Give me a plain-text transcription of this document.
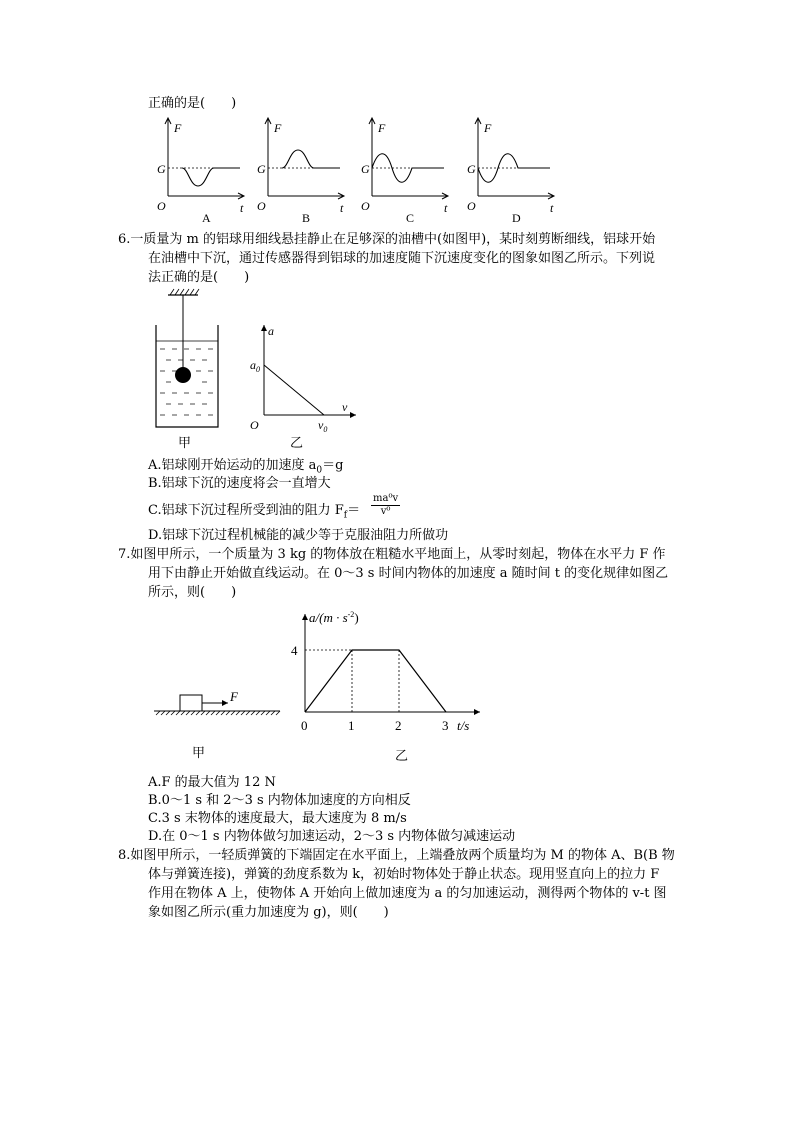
正确的是(　　)
F
G
O	t
A
F
G
O	t
B
F
G
O	t
C
F
G
O	t
D
6.一质量为 m 的铝球用细线悬挂静止在足够深的油槽中(如图甲)，某时刻剪断细线，铝球开始
在油槽中下沉，通过传感器得到铝球的加速度随下沉速度变化的图象如图乙所示。下列说
法正确的是(　　)
甲
a
$a_0$
v
$v_0$
O
乙
A.铝球刚开始运动的加速度 $a_0=g$
B.铝球下沉的速度将会一直增大
C.铝球下沉过程所受到油的阻力 $F_f=$
ma⁰v
v⁰
D.铝球下沉过程机械能的减少等于克服油阻力所做功
7.如图甲所示，一个质量为 3 kg 的物体放在粗糙水平地面上，从零时刻起，物体在水平力 F 作
用下由静止开始做直线运动。在 0～3 s 时间内物体的加速度 a 随时间 t 的变化规律如图乙
所示，则(　　)
F
甲
0	1	2	3
4
$a/(m \cdot s^{-2})$
t/s
乙
A.F 的最大值为 12 N
B.0～1 s 和 2～3 s 内物体加速度的方向相反
C.3 s 末物体的速度最大，最大速度为 8 m/s
D.在 0～1 s 内物体做匀加速运动，2～3 s 内物体做匀减速运动
8.如图甲所示，一轻质弹簧的下端固定在水平面上，上端叠放两个质量均为 M 的物体 A、B(B 物
体与弹簧连接)，弹簧的劲度系数为 k，初始时物体处于静止状态。现用竖直向上的拉力 F
作用在物体 A 上，使物体 A 开始向上做加速度为 a 的匀加速运动，测得两个物体的 v-t 图
象如图乙所示(重力加速度为 g)，则(　　)
